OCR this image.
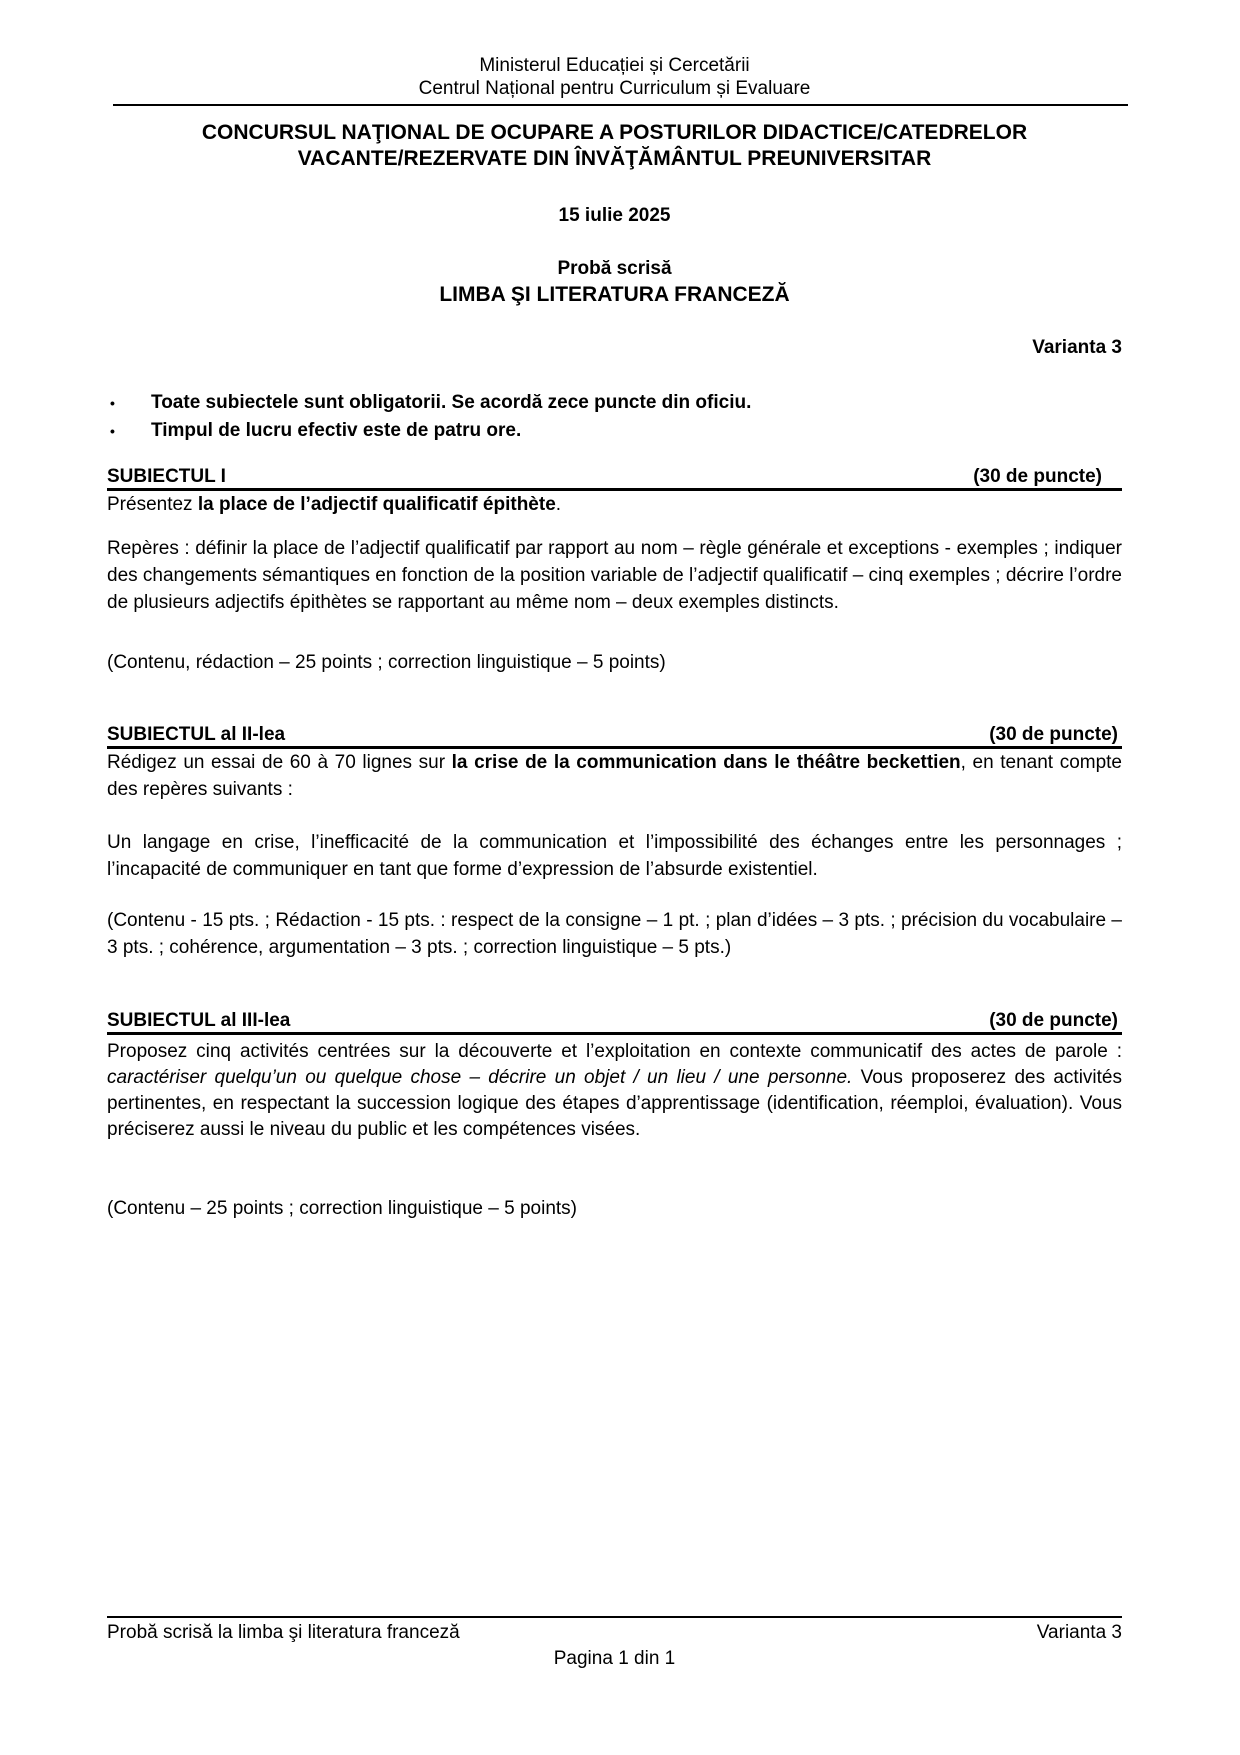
Ministerul Educației și Cercetării
Centrul Național pentru Curriculum și Evaluare
CONCURSUL NAŢIONAL DE OCUPARE A POSTURILOR DIDACTICE/CATEDRELOR
VACANTE/REZERVATE DIN ÎNVĂŢĂMÂNTUL PREUNIVERSITAR
15 iulie 2025
Probă scrisă
LIMBA ŞI LITERATURA FRANCEZĂ
Varianta 3
•	Toate subiectele sunt obligatorii. Se acordă zece puncte din oficiu.
•	Timpul de lucru efectiv este de patru ore.
SUBIECTUL I	(30 de puncte)

Présentez la place de l’adjectif qualificatif épithète.

Repères : définir la place de l’adjectif qualificatif par rapport au nom – règle générale et exceptions - exemples ; indiquer des changements sémantiques en fonction de la position variable de l’adjectif qualificatif – cinq exemples ; décrire l’ordre de plusieurs adjectifs épithètes se rapportant au même nom – deux exemples distincts.

(Contenu, rédaction – 25 points ; correction linguistique – 5 points)

SUBIECTUL al II-lea	(30 de puncte)

Rédigez un essai de 60 à 70 lignes sur la crise de la communication dans le théâtre beckettien, en tenant compte des repères suivants :

Un langage en crise, l’inefficacité de la communication et l’impossibilité des échanges entre les personnages ; l’incapacité de communiquer en tant que forme d’expression de l’absurde existentiel.

(Contenu - 15 pts. ; Rédaction - 15 pts. : respect de la consigne – 1 pt. ; plan d’idées – 3 pts. ; précision du vocabulaire – 3 pts. ; cohérence, argumentation – 3 pts. ; correction linguistique – 5 pts.)

SUBIECTUL al III-lea	(30 de puncte)

Proposez cinq activités centrées sur la découverte et l’exploitation en contexte communicatif des actes de parole : caractériser quelqu’un ou quelque chose – décrire un objet / un lieu / une personne. Vous proposerez des activités pertinentes, en respectant la succession logique des étapes d’apprentissage (identification, réemploi, évaluation). Vous préciserez aussi le niveau du public et les compétences visées.

(Contenu – 25 points ; correction linguistique – 5 points)

Probă scrisă la limba şi literatura franceză	Varianta 3
Pagina 1 din 1
